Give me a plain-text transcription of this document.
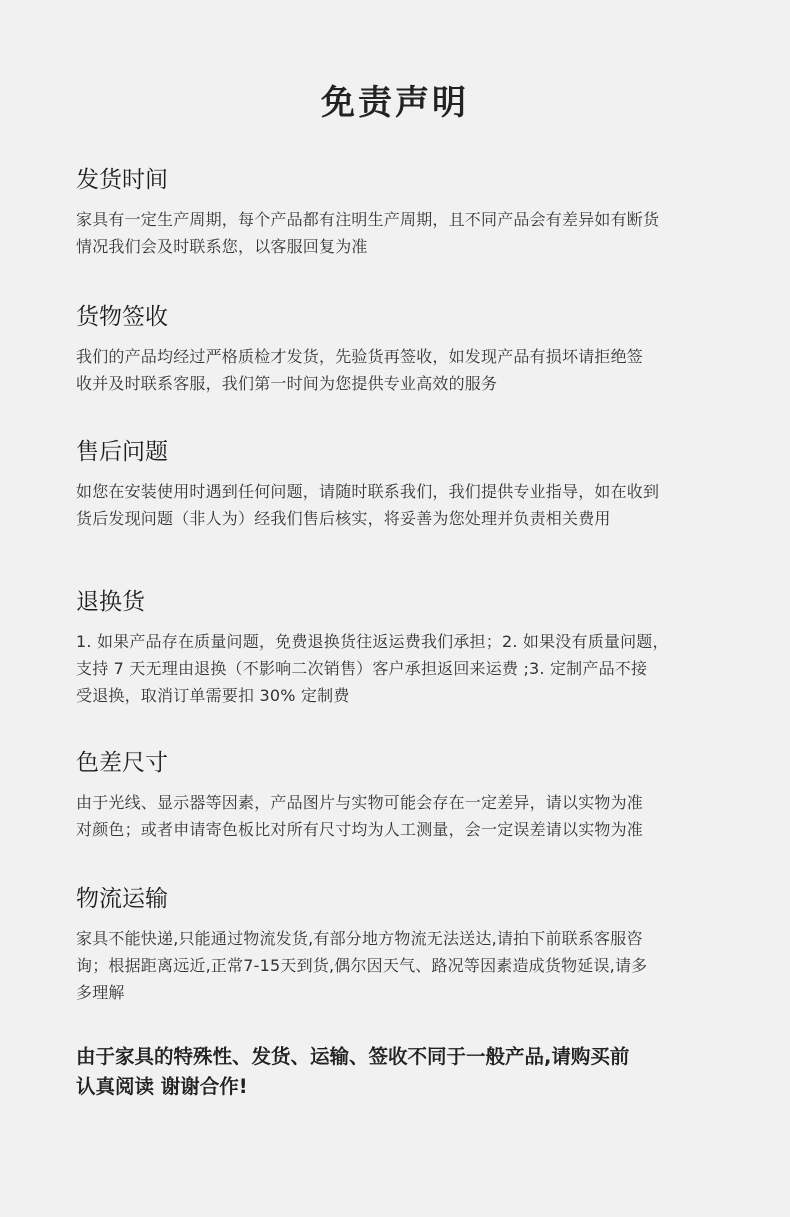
免责声明
发货时间
家具有一定生产周期，每个产品都有注明生产周期，且不同产品会有差异如有断货
情况我们会及时联系您，以客服回复为准
货物签收
我们的产品均经过严格质检才发货，先验货再签收，如发现产品有损坏请拒绝签
收并及时联系客服，我们第一时间为您提供专业高效的服务
售后问题
如您在安装使用时遇到任何问题，请随时联系我们，我们提供专业指导，如在收到
货后发现问题（非人为）经我们售后核实，将妥善为您处理并负责相关费用
退换货
1. 如果产品存在质量问题，免费退换货往返运费我们承担；2. 如果没有质量问题，
支持 7 天无理由退换（不影响二次销售）客户承担返回来运费 ;3. 定制产品不接
受退换，取消订单需要扣 30% 定制费
色差尺寸
由于光线、显示器等因素，产品图片与实物可能会存在一定差异，请以实物为准
对颜色；或者申请寄色板比对所有尺寸均为人工测量，会一定误差请以实物为准
物流运输
家具不能快递,只能通过物流发货,有部分地方物流无法送达,请拍下前联系客服咨
询；根据距离远近,正常7-15天到货,偶尔因天气、路况等因素造成货物延误,请多
多理解
由于家具的特殊性、发货、运输、签收不同于一般产品,请购买前
认真阅读 谢谢合作!
